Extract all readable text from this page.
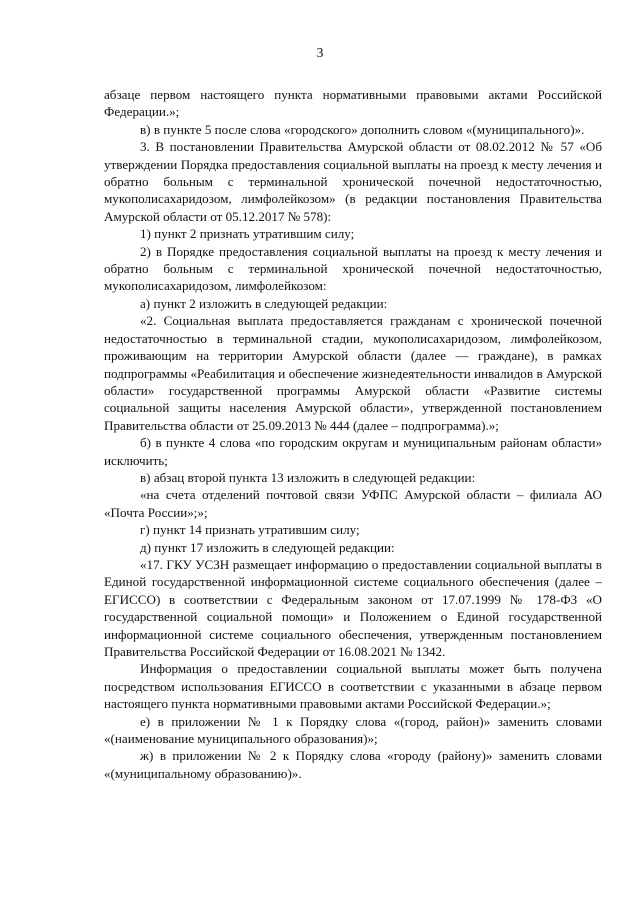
3

абзаце первом настоящего пункта нормативными правовыми актами Российской Федерации.»;

в) в пункте 5 после слова «городского» дополнить словом «(муниципального)».

3. В постановлении Правительства Амурской области от 08.02.2012 № 57 «Об утверждении Порядка предоставления социальной выплаты на проезд к месту лечения и обратно больным с терминальной хронической почечной недостаточностью, мукополисахаридозом, лимфолейкозом» (в редакции постановления Правительства Амурской области от 05.12.2017 № 578):

1) пункт 2 признать утратившим силу;

2) в Порядке предоставления социальной выплаты на проезд к месту лечения и обратно больным с терминальной хронической почечной недостаточностью, мукополисахаридозом, лимфолейкозом:

а) пункт 2 изложить в следующей редакции:

«2. Социальная выплата предоставляется гражданам с хронической почечной недостаточностью в терминальной стадии, мукополисахаридозом, лимфолейкозом, проживающим на территории Амурской области (далее — граждане), в рамках подпрограммы «Реабилитация и обеспечение жизнедеятельности инвалидов в Амурской области» государственной программы Амурской области «Развитие системы социальной защиты населения Амурской области», утвержденной постановлением Правительства области от 25.09.2013 № 444 (далее – подпрограмма).»;

б) в пункте 4 слова «по городским округам и муниципальным районам области» исключить;

в) абзац второй пункта 13 изложить в следующей редакции:

«на счета отделений почтовой связи УФПС Амурской области – филиала АО «Почта России»;»;

г) пункт 14 признать утратившим силу;

д) пункт 17 изложить в следующей редакции:

«17. ГКУ УСЗН размещает информацию о предоставлении социальной выплаты в Единой государственной информационной системе социального обеспечения (далее – ЕГИССО) в соответствии с Федеральным законом от 17.07.1999 № 178-ФЗ «О государственной социальной помощи» и Положением о Единой государственной информационной системе социального обеспечения, утвержденным постановлением Правительства Российской Федерации от 16.08.2021 № 1342.

Информация о предоставлении социальной выплаты может быть получена посредством использования ЕГИССО в соответствии с указанными в абзаце первом настоящего пункта нормативными правовыми актами Российской Федерации.»;

е) в приложении № 1 к Порядку слова «(город, район)» заменить словами «(наименование муниципального образования)»;

ж) в приложении № 2 к Порядку слова «городу (району)» заменить словами «(муниципальному образованию)».
